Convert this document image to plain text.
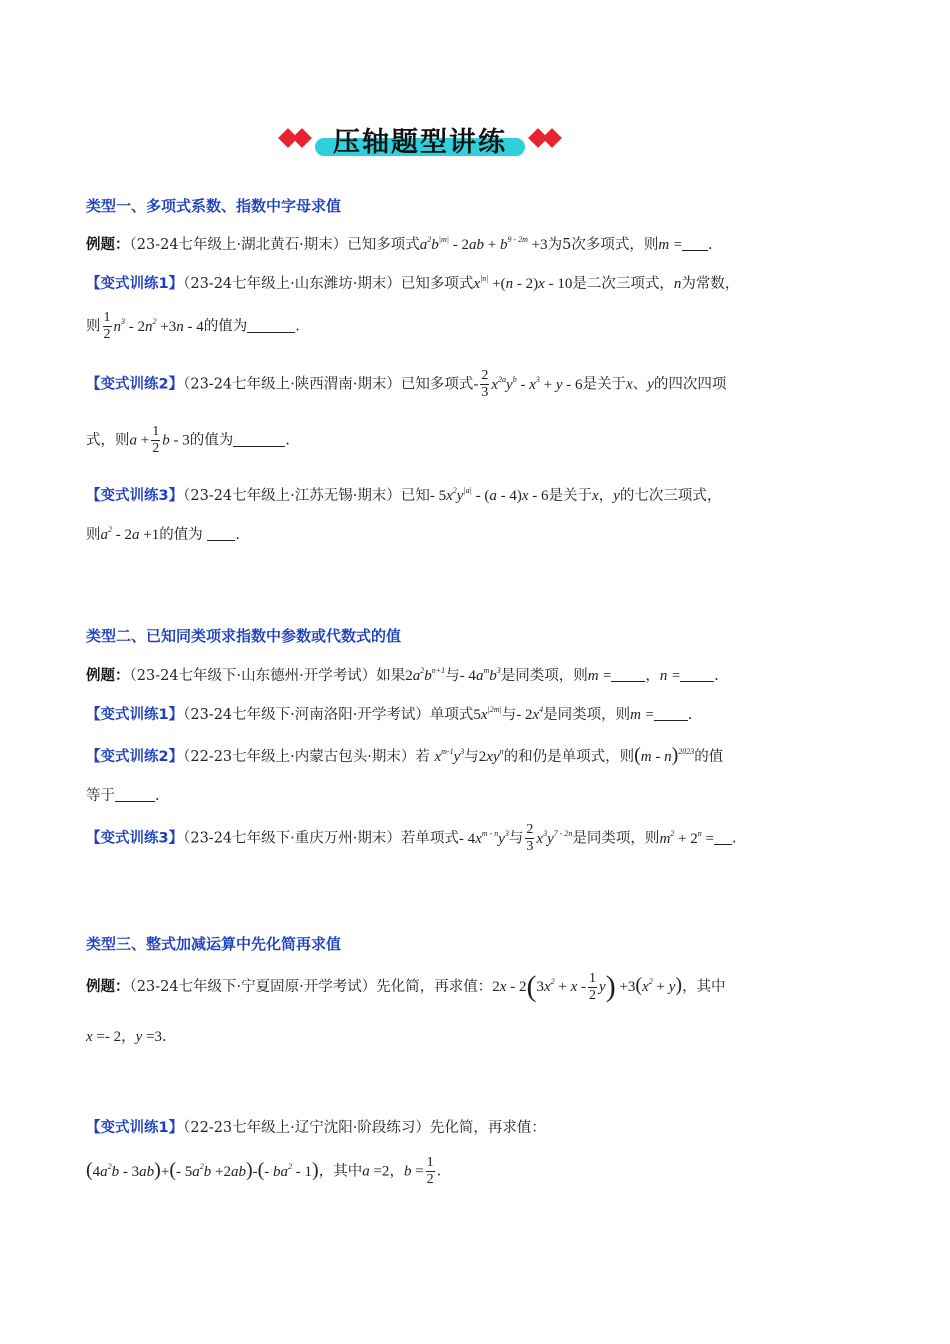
压轴题型讲练
类型一、多项式系数、指数中字母求值
例题：（23-24七年级上·湖北黄石·期末）已知多项式$a^2b^{|m|} - 2ab + b^{9 - 2m} +3$为5次多项式，则m = .
【变式训练1】（23-24七年级上·山东潍坊·期末）已知多项式$x^{|n|} +(n - 2)x - 10$是二次三项式，n为常数，
则 $\frac{1}{2} n^3 - 2n^2 +3n - 4$的值为	.
【变式训练2】（23-24七年级上·陕西渭南·期末）已知多项式- $\frac{2}{3} x^{2a}y^b - x^3 + y - 6$是关于x、y的四次四项
式，则$a + \frac{1}{2}$ b - 3的值为	.
【变式训练3】（23-24七年级上·江苏无锡·期末）已知- $5x^2y^{|a|} - (a - 4)x - 6$是关于x，y的七次三项式，
则$a^2 - 2a +1$的值为 .
类型二、已知同类项求指数中参数或代数式的值
例题：（23-24七年级下·山东德州·开学考试）如果$2a^2b^{n+1}$与- $4a^mb^3$是同类项，则m = ，n = .
【变式训练1】（23-24七年级下·河南洛阳·开学考试）单项式$5x^{|2m|}$与- $2x^4$是同类项，则m = .
【变式训练2】（22-23七年级上·内蒙古包头·期末）若 $x^{m-1}y^3$与$2xy^n$的和仍是单项式，则(m - n)$^{2023}$的值
等于	.
【变式训练3】（23-24七年级下·重庆万州·期末）若单项式- $4x^{m - n}y^3$与 $\frac{2}{3} x^3y^{7 - 2n}$是同类项，则$m^2 + 2^n$ = .
类型三、整式加减运算中先化简再求值
例题：（23-24七年级下·宁夏固原·开学考试）先化简，再求值：$2x - 2(3x^2 + x - \frac{1}{2} y) +3(x^2 + y)$，其中
x =- 2，y =3.
【变式训练1】（22-23七年级上·辽宁沈阳·阶段练习）先化简，再求值：
$(4a^2b - 3ab)+(-$ $5a^2b +2ab)-(-$ $ba^2 - 1$)，其中a =2，$b = \frac{1}{2}$ .
